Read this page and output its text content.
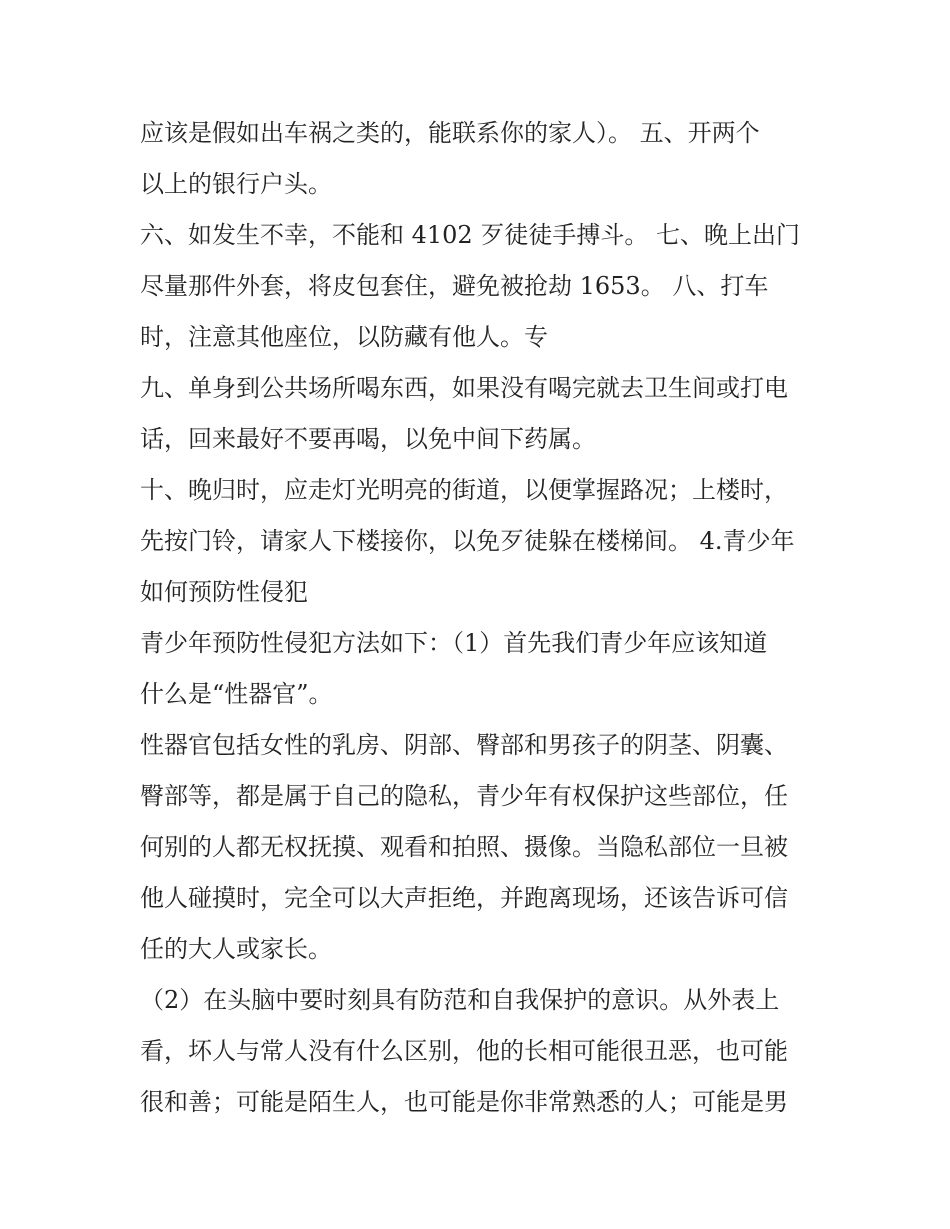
应该是假如出车祸之类的，能联系你的家人）。 五、开两个
以上的银行户头。
六、如发生不幸，不能和 4102 歹徒徒手搏斗。 七、晚上出门
尽量那件外套，将皮包套住，避免被抢劫 1653。 八、打车
时，注意其他座位，以防藏有他人。专
九、单身到公共场所喝东西，如果没有喝完就去卫生间或打电
话，回来最好不要再喝，以免中间下药属。
十、晚归时，应走灯光明亮的街道，以便掌握路况；上楼时，
先按门铃，请家人下楼接你，以免歹徒躲在楼梯间。 4.青少年
如何预防性侵犯
青少年预防性侵犯方法如下：（1）首先我们青少年应该知道
什么是“性器官”。
性器官包括女性的乳房、阴部、臀部和男孩子的阴茎、阴囊、
臀部等，都是属于自己的隐私，青少年有权保护这些部位，任
何别的人都无权抚摸、观看和拍照、摄像。当隐私部位一旦被
他人碰摸时，完全可以大声拒绝，并跑离现场，还该告诉可信
任的大人或家长。
（2）在头脑中要时刻具有防范和自我保护的意识。从外表上
看，坏人与常人没有什么区别，他的长相可能很丑恶，也可能
很和善；可能是陌生人，也可能是你非常熟悉的人；可能是男
